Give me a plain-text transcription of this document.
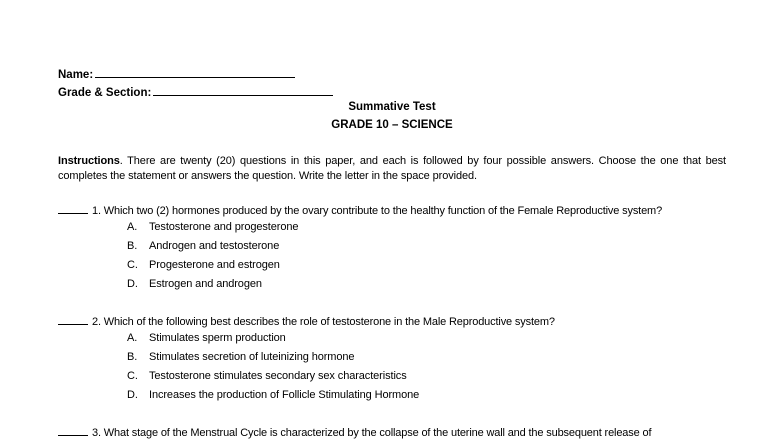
Name:
Grade & Section:
Summative Test
GRADE 10 – SCIENCE
Instructions. There are twenty (20) questions in this paper, and each is followed by four possible answers. Choose the one that best completes the statement or answers the question. Write the letter in the space provided.
1. Which two (2) hormones produced by the ovary contribute to the healthy function of the Female Reproductive system?
A. Testosterone and progesterone
B. Androgen and testosterone
C. Progesterone and estrogen
D. Estrogen and androgen
2. Which of the following best describes the role of testosterone in the Male Reproductive system?
A. Stimulates sperm production
B. Stimulates secretion of luteinizing hormone
C. Testosterone stimulates secondary sex characteristics
D. Increases the production of Follicle Stimulating Hormone
3. What stage of the Menstrual Cycle is characterized by the collapse of the uterine wall and the subsequent release of
